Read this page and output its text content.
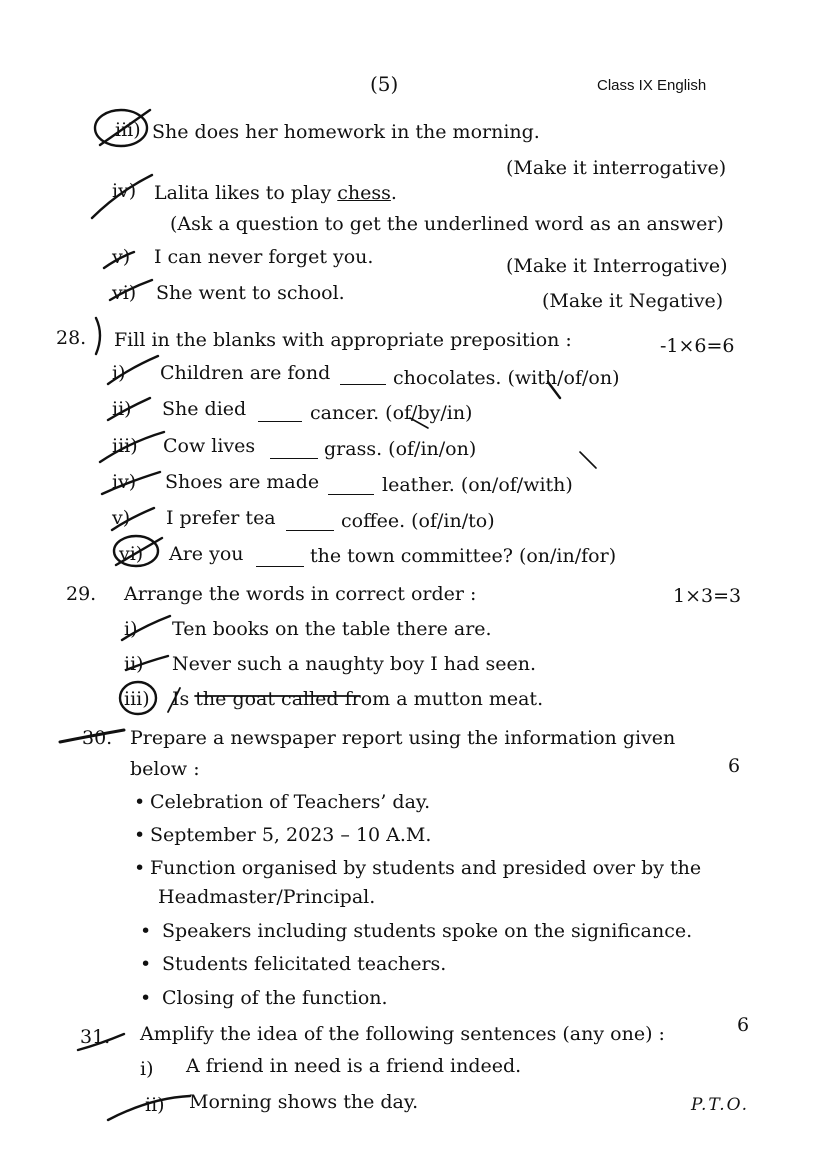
(5)	Class IX English
iii) She does her homework in the morning.
(Make it interrogative)
iv) Lalita likes to play chess.
(Ask a question to get the underlined word as an answer)
v) I can never forget you.	(Make it Interrogative)
vi) She went to school.	(Make it Negative)
28. Fill in the blanks with appropriate preposition :	-1×6=6
i) Children are fond	chocolates. (with/of/on)
ii) She died	cancer. (of/by/in)
iii) Cow lives	grass. (of/in/on)
iv) Shoes are made	leather. (on/of/with)
v) I prefer tea	coffee. (of/in/to)
vi) Are you	the town committee? (on/in/for)
29. Arrange the words in correct order :	1×3=3
i) Ten books on the table there are.
ii) Never such a naughty boy I had seen.
iii) Is the goat called from a mutton meat.
30. Prepare a newspaper report using the information given
below :	6
• Celebration of Teachers’ day.
• September 5, 2023 – 10 A.M.
• Function organised by students and presided over by the
Headmaster/Principal.
• Speakers including students spoke on the significance.
• Students felicitated teachers.
• Closing of the function.
31. Amplify the idea of the following sentences (any one) :	6
i) A friend in need is a friend indeed.
ii) Morning shows the day.	P.T.O.
